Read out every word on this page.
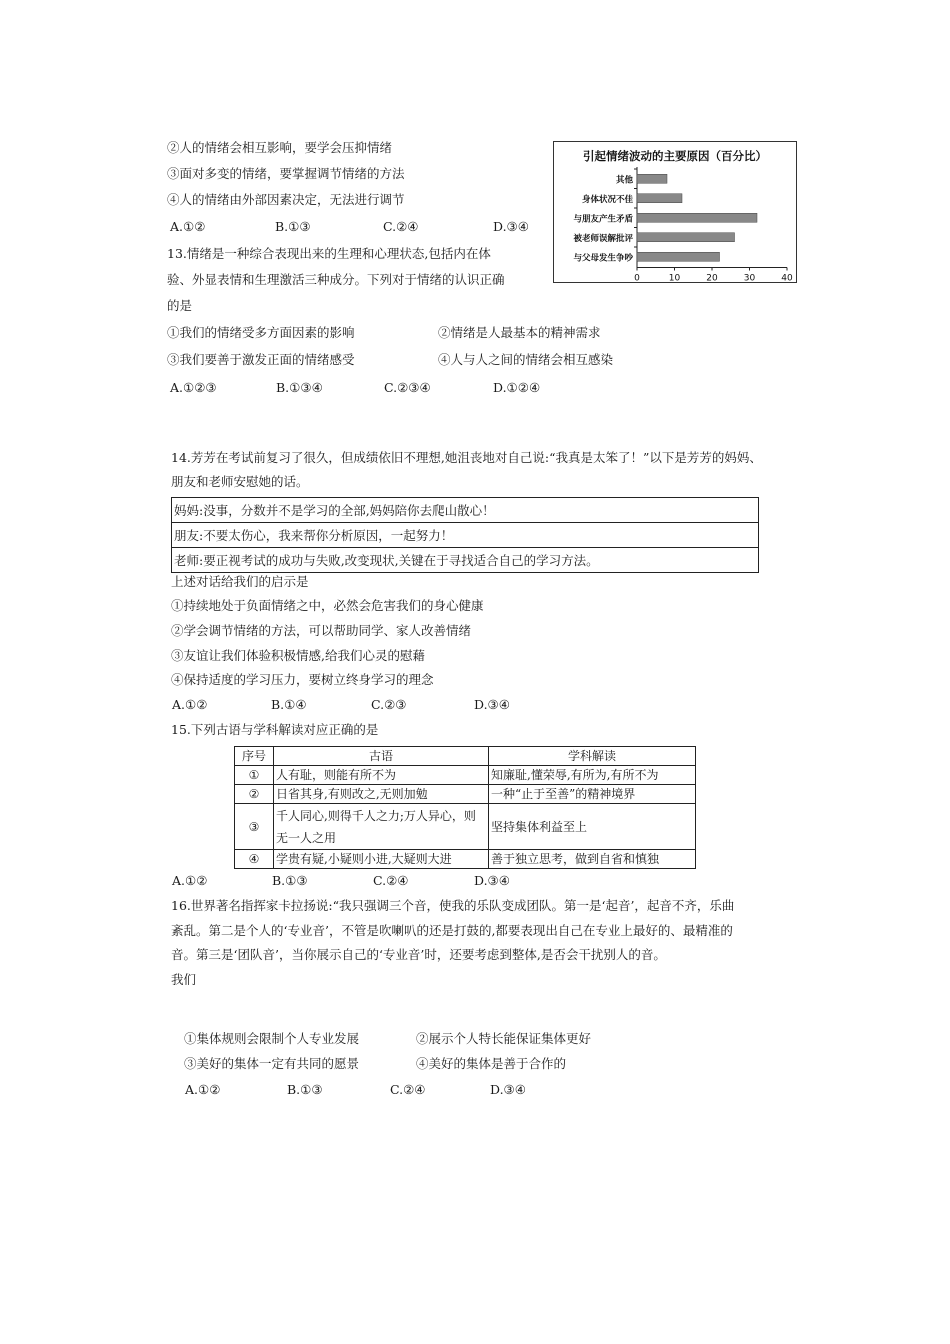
②人的情绪会相互影响，要学会压抑情绪
③面对多变的情绪，要掌握调节情绪的方法
④人的情绪由外部因素决定，无法进行调节
A.①②	B.①③	C.②④	D.③④
引起情绪波动的主要原因（百分比）
其他
身体状况不佳
与朋友产生矛盾
被老师误解批评
与父母发生争吵
0	10	20	30	40
13.情绪是一种综合表现出来的生理和心理状态,包括内在体
验、外显表情和生理激活三种成分。下列对于情绪的认识正确
的是
①我们的情绪受多方面因素的影响	②情绪是人最基本的精神需求
③我们要善于激发正面的情绪感受	④人与人之间的情绪会相互感染
A.①②③	B.①③④	C.②③④	D.①②④
14.芳芳在考试前复习了很久，但成绩依旧不理想,她沮丧地对自己说:“我真是太笨了！”以下是芳芳的妈妈、
朋友和老师安慰她的话。
妈妈:没事，分数并不是学习的全部,妈妈陪你去爬山散心！
朋友:不要太伤心，我来帮你分析原因，一起努力！
老师:要正视考试的成功与失败,改变现状,关键在于寻找适合自己的学习方法。
上述对话给我们的启示是
①持续地处于负面情绪之中，必然会危害我们的身心健康
②学会调节情绪的方法，可以帮助同学、家人改善情绪
③友谊让我们体验积极情感,给我们心灵的慰藉
④保持适度的学习压力，要树立终身学习的理念
A.①②	B.①④	C.②③	D.③④
15.下列古语与学科解读对应正确的是
序号	古语	学科解读
①	人有耻，则能有所不为	知廉耻,懂荣辱,有所为,有所不为
②	日省其身,有则改之,无则加勉	一种“止于至善”的精神境界
③	千人同心,则得千人之力;万人异心，则
无一人之用	坚持集体利益至上
④	学贵有疑,小疑则小进,大疑则大进	善于独立思考，做到自省和慎独
A.①②	B.①③	C.②④	D.③④
16.世界著名指挥家卡拉扬说:“我只强调三个音，使我的乐队变成团队。第一是‘起音’，起音不齐，乐曲
紊乱。第二是个人的‘专业音’，不管是吹喇叭的还是打鼓的,都要表现出自己在专业上最好的、最精准的
音。第三是‘团队音’，当你展示自己的‘专业音’时，还要考虑到整体,是否会干扰别人的音。
我们
①集体规则会限制个人专业发展	②展示个人特长能保证集体更好
③美好的集体一定有共同的愿景	④美好的集体是善于合作的
A.①②	B.①③	C.②④	D.③④
